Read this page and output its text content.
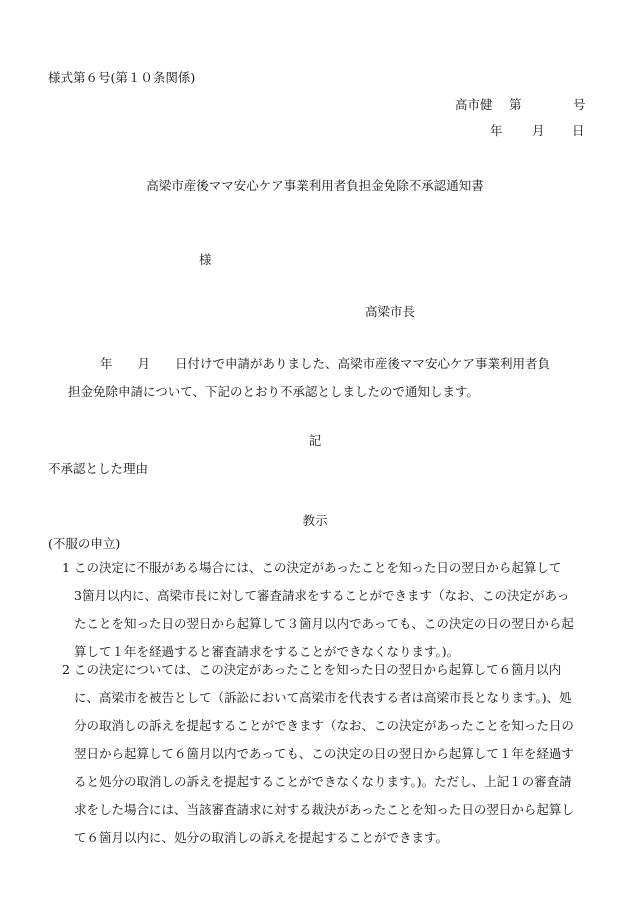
様式第６号(第１０条関係)
高市健 第	号
年 月 日
高梁市産後ママ安心ケア事業利用者負担金免除不承認通知書
様
高梁市長

年　　月　　日付けで申請がありました、高梁市産後ママ安心ケア事業利用者負

担金免除申請について、下記のとおり不承認としましたので通知します。

記
不承認とした理由
教示
(不服の申立)
1 この決定に不服がある場合には、この決定があったことを知った日の翌日から起算して
3箇月以内に、高梁市長に対して審査請求をすることができます（なお、この決定があっ
たことを知った日の翌日から起算して３箇月以内であっても、この決定の日の翌日から起
算して１年を経過すると審査請求をすることができなくなります。)。
2 この決定については、この決定があったことを知った日の翌日から起算して６箇月以内
に、高梁市を被告として（訴訟において高梁市を代表する者は高梁市長となります。)、処
分の取消しの訴えを提起することができます（なお、この決定があったことを知った日の
翌日から起算して６箇月以内であっても、この決定の日の翌日から起算して１年を経過す
ると処分の取消しの訴えを提起することができなくなります。)。ただし、上記１の審査請
求をした場合には、当該審査請求に対する裁決があったことを知った日の翌日から起算し
て６箇月以内に、処分の取消しの訴えを提起することができます。
